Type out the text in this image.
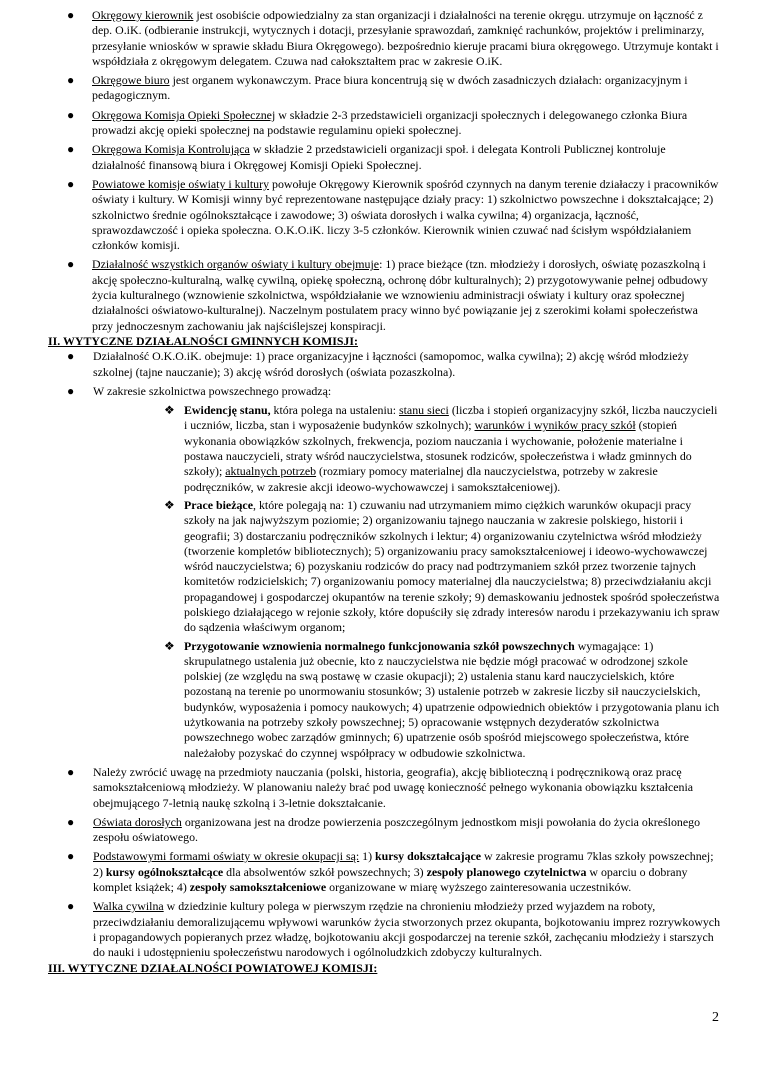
● Okręgowy kierownik jest osobiście odpowiedzialny za stan organizacji i działalności na terenie okręgu. utrzymuje on łączność z dep. O.iK. (odbieranie instrukcji, wytycznych i dotacji, przesyłanie sprawozdań, zamknięć rachunków, projektów i preliminarzy, przesyłanie wniosków w sprawie składu Biura Okręgowego). bezpośrednio kieruje pracami biura okręgowego. Utrzymuje kontakt i współdziała z okręgowym delegatem. Czuwa nad całokształtem prac w zakresie O.iK.
● Okręgowe biuro jest organem wykonawczym. Prace biura koncentrują się w dwóch zasadniczych działach: organizacyjnym i pedagogicznym.
● Okręgowa Komisja Opieki Społecznej w składzie 2-3 przedstawicieli organizacji społecznych i delegowanego członka Biura prowadzi akcję opieki społecznej na podstawie regulaminu opieki społecznej.
● Okręgowa Komisja Kontrolująca w składzie 2 przedstawicieli organizacji społ. i delegata Kontroli Publicznej kontroluje działalność finansową biura i Okręgowej Komisji Opieki Społecznej.
● Powiatowe komisje oświaty i kultury powołuje Okręgowy Kierownik spośród czynnych na danym terenie działaczy i pracowników oświaty i kultury. W Komisji winny być reprezentowane następujące działy pracy: 1) szkolnictwo powszechne i dokształcające; 2) szkolnictwo średnie ogólnokształcące i zawodowe; 3) oświata dorosłych i walka cywilna; 4) organizacja, łączność, sprawozdawczość i opieka społeczna. O.K.O.iK. liczy 3-5 członków. Kierownik winien czuwać nad ścisłym współdziałaniem członków komisji.
● Działalność wszystkich organów oświaty i kultury obejmuje: 1) prace bieżące (tzn. młodzieży i dorosłych, oświatę pozaszkolną i akcję społeczno-kulturalną, walkę cywilną, opiekę społeczną, ochronę dóbr kulturalnych); 2) przygotowywanie pełnej odbudowy życia kulturalnego (wznowienie szkolnictwa, współdziałanie we wznowieniu administracji oświaty i kultury oraz społecznej działalności oświatowo-kulturalnej). Naczelnym postulatem pracy winno być powiązanie jej z szerokimi kołami społeczeństwa przy jednoczesnym zachowaniu jak najściślejszej konspiracji.

II. WYTYCZNE DZIAŁALNOŚCI GMINNYCH KOMISJI:

● Działalność O.K.O.iK. obejmuje: 1) prace organizacyjne i łączności (samopomoc, walka cywilna); 2) akcję wśród młodzieży szkolnej (tajne nauczanie); 3) akcję wśród dorosłych (oświata pozaszkolna).
● W zakresie szkolnictwa powszechnego prowadzą:
❖ Ewidencję stanu, która polega na ustaleniu: stanu sieci (liczba i stopień organizacyjny szkół, liczba nauczycieli i uczniów, liczba, stan i wyposażenie budynków szkolnych); warunków i wyników pracy szkół (stopień wykonania obowiązków szkolnych, frekwencja, poziom nauczania i wychowanie, położenie materialne i postawa nauczycieli, straty wśród nauczycielstwa, stosunek rodziców, społeczeństwa i władz gminnych do szkoły); aktualnych potrzeb (rozmiary pomocy materialnej dla nauczycielstwa, potrzeby w zakresie podręczników, w zakresie akcji ideowo-wychowawczej i samokształceniowej).
❖ Prace bieżące, które polegają na: 1) czuwaniu nad utrzymaniem mimo ciężkich warunków okupacji pracy szkoły na jak najwyższym poziomie; 2) organizowaniu tajnego nauczania w zakresie polskiego, historii i geografii; 3) dostarczaniu podręczników szkolnych i lektur; 4) organizowaniu czytelnictwa wśród młodzieży (tworzenie kompletów bibliotecznych); 5) organizowaniu pracy samokształceniowej i ideowo-wychowawczej wśród nauczycielstwa; 6) pozyskaniu rodziców do pracy nad podtrzymaniem szkół przez tworzenie tajnych komitetów rodzicielskich; 7) organizowaniu pomocy materialnej dla nauczycielstwa; 8) przeciwdziałaniu akcji propagandowej i gospodarczej okupantów na terenie szkoły; 9) demaskowaniu jednostek spośród społeczeństwa polskiego działającego w rejonie szkoły, które dopuściły się zdrady interesów narodu i przekazywaniu ich spraw do sądzenia właściwym organom;
❖ Przygotowanie wznowienia normalnego funkcjonowania szkół powszechnych wymagające: 1) skrupulatnego ustalenia już obecnie, kto z nauczycielstwa nie będzie mógł pracować w odrodzonej szkole polskiej (ze względu na swą postawę w czasie okupacji); 2) ustalenia stanu kard nauczycielskich, które pozostaną na terenie po unormowaniu stosunków; 3) ustalenie potrzeb w zakresie liczby sił nauczycielskich, budynków, wyposażenia i pomocy naukowych; 4) upatrzenie odpowiednich obiektów i przygotowania planu ich użytkowania na potrzeby szkoły powszechnej; 5) opracowanie wstępnych dezyderatów szkolnictwa powszechnego wobec zarządów gminnych; 6) upatrzenie osób spośród miejscowego społeczeństwa, które należałoby pozyskać do czynnej współpracy w odbudowie szkolnictwa.
● Należy zwrócić uwagę na przedmioty nauczania (polski, historia, geografia), akcję biblioteczną i podręcznikową oraz pracę samokształceniową młodzieży. W planowaniu należy brać pod uwagę konieczność pełnego wykonania obowiązku kształcenia obejmującego 7-letnią naukę szkolną i 3-letnie dokształcanie.
● Oświata dorosłych organizowana jest na drodze powierzenia poszczególnym jednostkom misji powołania do życia określonego zespołu oświatowego.
● Podstawowymi formami oświaty w okresie okupacji są: 1) kursy dokształcające w zakresie programu 7klas szkoły powszechnej; 2) kursy ogólnokształcące dla absolwentów szkół powszechnych; 3) zespoły planowego czytelnictwa w oparciu o dobrany komplet książek; 4) zespoły samokształceniowe organizowane w miarę wyższego zainteresowania uczestników.
● Walka cywilna w dziedzinie kultury polega w pierwszym rzędzie na chronieniu młodzieży przed wyjazdem na roboty, przeciwdziałaniu demoralizującemu wpływowi warunków życia stworzonych przez okupanta, bojkotowaniu imprez rozrywkowych i propagandowych popieranych przez władzę, bojkotowaniu akcji gospodarczej na terenie szkół, zachęcaniu młodzieży i starszych do nauki i udostępnieniu społeczeństwu narodowych i ogólnoludzkich zdobyczy kulturalnych.

III. WYTYCZNE DZIAŁALNOŚCI POWIATOWEJ KOMISJI:

2
